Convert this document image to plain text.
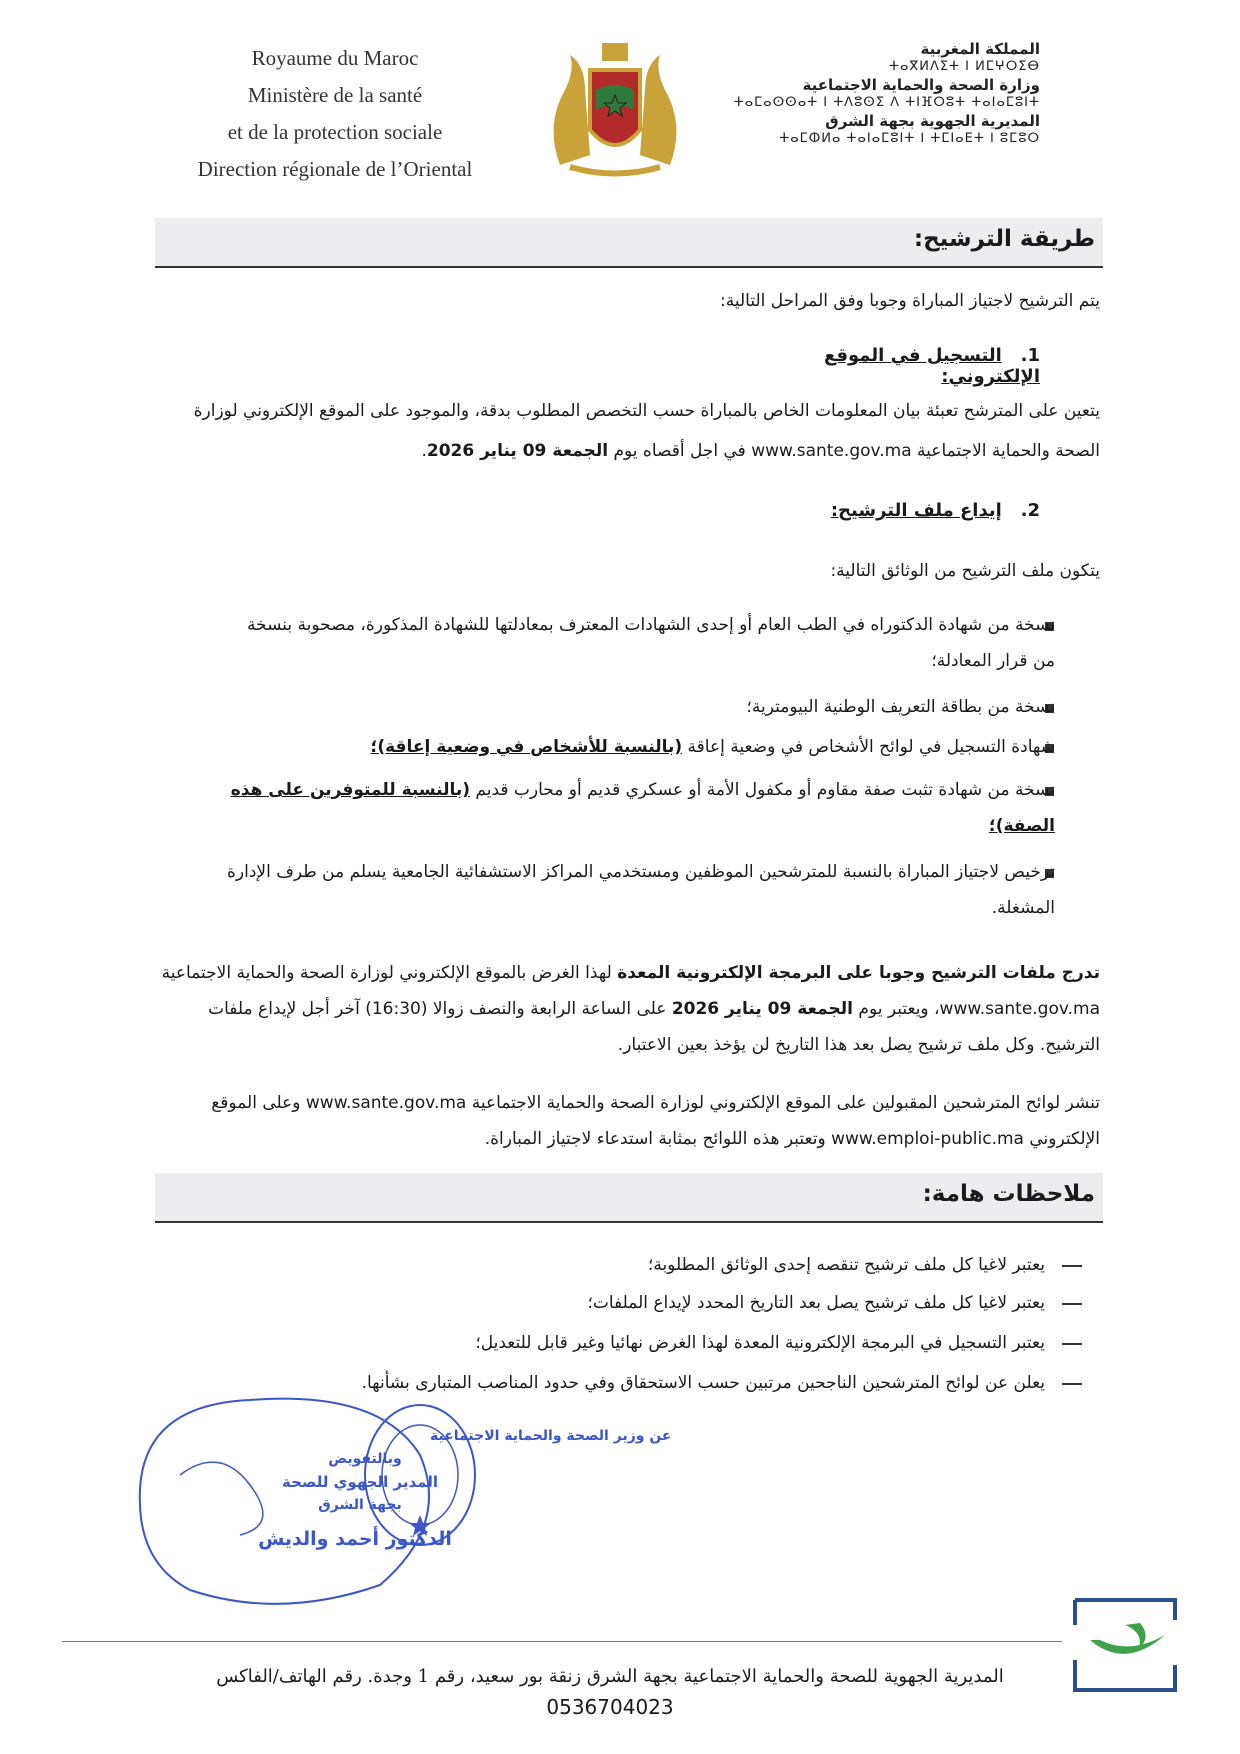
Royaume du Maroc
Ministère de la santé
et de la protection sociale
Direction régionale de l’Oriental
المملكة المغربية
ⵜⴰⴳⵍⴷⵉⵜ ⵏ ⵍⵎⵖⵔⵉⴱ
وزارة الصحة والحماية الاجتماعية
ⵜⴰⵎⴰⵙⵙⴰⵜ ⵏ ⵜⴷⵓⵙⵉ ⴷ ⵜⵏⴼⵔⵓⵜ ⵜⴰⵏⴰⵎⵓⵏⵜ
المديرية الجهوية بجهة الشرق
ⵜⴰⵎⵀⵍⴰ ⵜⴰⵏⴰⵎⵓⵏⵜ ⵏ ⵜⵎⵏⴰⴹⵜ ⵏ ⵓⵎⵓⵔ
طريقة الترشيح:
يتم الترشيح لاجتياز المباراة وجوبا وفق المراحل التالية:
1.   التسجيل في الموقع الإلكتروني:
يتعين على المترشح تعبئة بيان المعلومات الخاص بالمباراة حسب التخصص المطلوب بدقة، والموجود على الموقع الإلكتروني لوزارة
الصحة والحماية الاجتماعية www.sante.gov.ma في اجل أقصاه يوم الجمعة 09 يناير 2026.
2.   إيداع ملف الترشيح:
يتكون ملف الترشيح من الوثائق التالية:
نسخة من شهادة الدكتوراه في الطب العام أو إحدى الشهادات المعترف بمعادلتها للشهادة المذكورة، مصحوبة بنسخة
من قرار المعادلة؛
نسخة من بطاقة التعريف الوطنية البيومترية؛
شهادة التسجيل في لوائح الأشخاص في وضعية إعاقة (بالنسبة للأشخاص في وضعية إعاقة)؛
نسخة من شهادة تثبت صفة مقاوم أو مكفول الأمة أو عسكري قديم أو محارب قديم (بالنسبة للمتوفرين على هذه
الصفة)؛
ترخيص لاجتياز المباراة بالنسبة للمترشحين الموظفين ومستخدمي المراكز الاستشفائية الجامعية يسلم من طرف الإدارة
المشغلة.
تدرج ملفات الترشيح وجوبا على البرمجة الإلكترونية المعدة لهذا الغرض بالموقع الإلكتروني لوزارة الصحة والحماية الاجتماعية
www.sante.gov.ma، ويعتبر يوم الجمعة 09 يناير 2026 على الساعة الرابعة والنصف زوالا (16:30) آخر أجل لإيداع ملفات
الترشيح. وكل ملف ترشيح يصل بعد هذا التاريخ لن يؤخذ بعين الاعتبار.
تنشر لوائح المترشحين المقبولين على الموقع الإلكتروني لوزارة الصحة والحماية الاجتماعية www.sante.gov.ma وعلى الموقع
الإلكتروني www.emploi-public.ma وتعتبر هذه اللوائح بمثابة استدعاء لاجتياز المباراة.
ملاحظات هامة:
يعتبر لاغيا كل ملف ترشيح تنقصه إحدى الوثائق المطلوبة؛
يعتبر لاغيا كل ملف ترشيح يصل بعد التاريخ المحدد لإيداع الملفات؛
يعتبر التسجيل في البرمجة الإلكترونية المعدة لهذا الغرض نهائيا وغير قابل للتعديل؛
يعلن عن لوائح المترشحين الناجحين مرتبين حسب الاستحقاق وفي حدود المناصب المتبارى بشأنها.
عن وزير الصحة والحماية الاجتماعية
وبالتفويض
المدير الجهوي للصحة
بجهة الشرق
الدكتور أحمد والديش
المديرية الجهوية للصحة والحماية الاجتماعية بجهة الشرق زنقة بور سعيد، رقم 1 وجدة. رقم الهاتف/الفاكس
0536704023
